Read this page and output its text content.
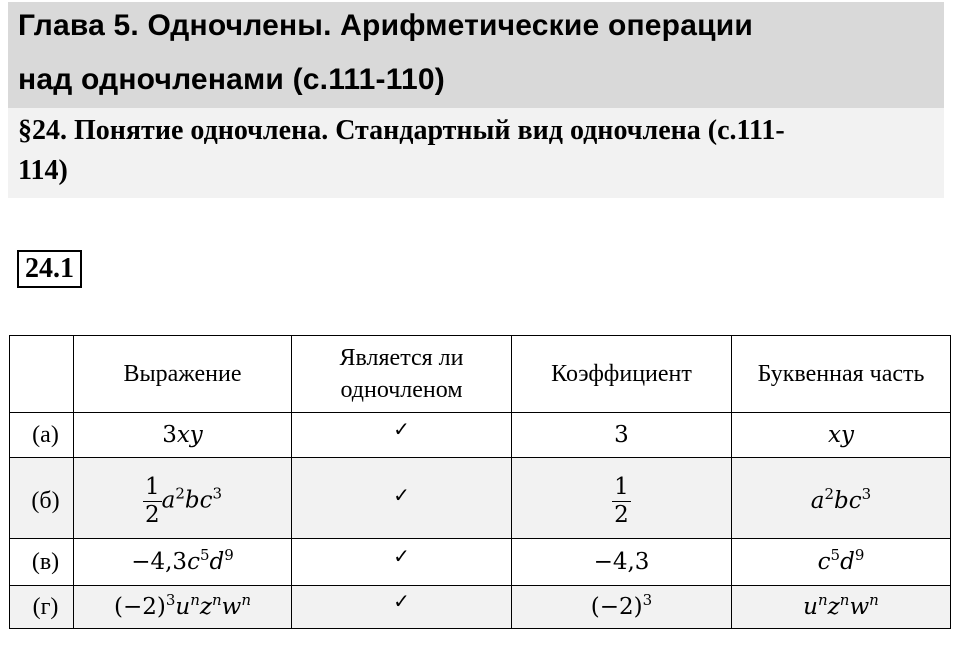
Глава 5. Одночлены. Арифметические операции
над одночленами (с.111-110)
§24. Понятие одночлена. Стандартный вид одночлена (с.111-
114)
24.1
	Выражение	Является ли
одночленом	Коэффициент	Буквенная часть
(а)	3xy	✓	3	xy
(б)	$\frac{1}{2} a^2bc^3$	✓	$\frac{1}{2}$	$a^2bc^3$
(в)	$-4,3c^5d^9$	✓	−4,3	$c^5d^9$
(г)	$(-2)^3u^nz^nw^n$	✓	$(-2)^3$	$u^nz^nw^n$
